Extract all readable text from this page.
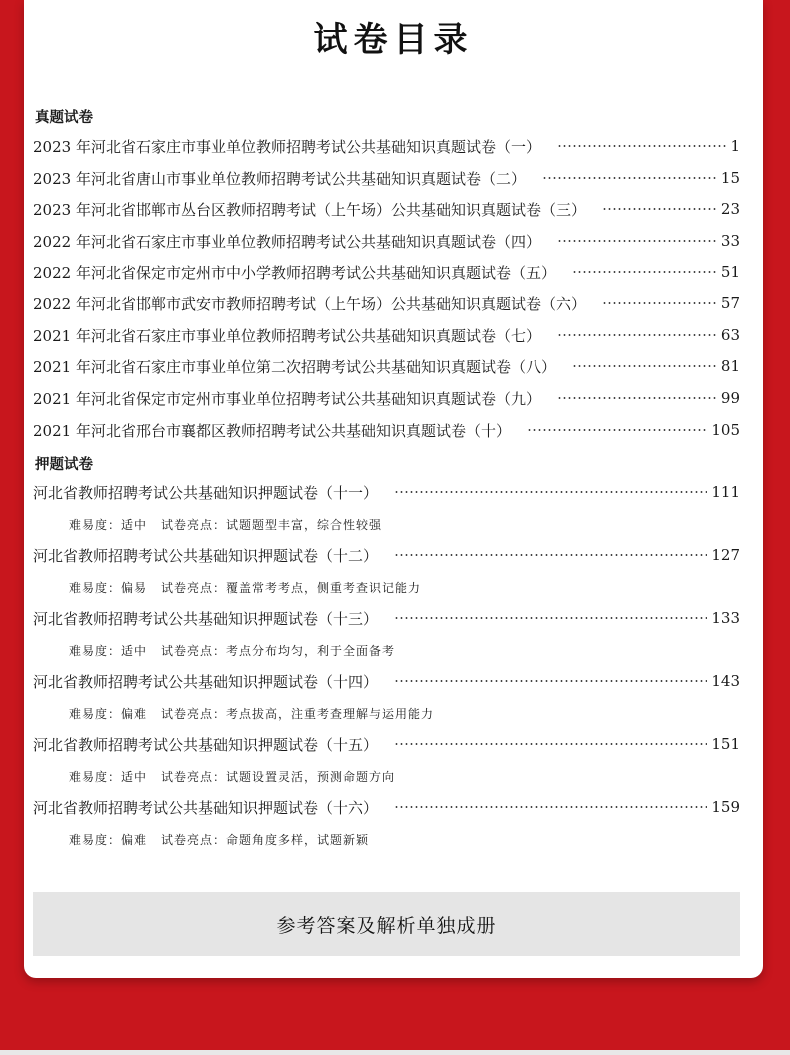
试卷目录
真题试卷
2023 年河北省石家庄市事业单位教师招聘考试公共基础知识真题试卷（一）	1
2023 年河北省唐山市事业单位教师招聘考试公共基础知识真题试卷（二）	15
2023 年河北省邯郸市丛台区教师招聘考试（上午场）公共基础知识真题试卷（三）	23
2022 年河北省石家庄市事业单位教师招聘考试公共基础知识真题试卷（四）	33
2022 年河北省保定市定州市中小学教师招聘考试公共基础知识真题试卷（五）	51
2022 年河北省邯郸市武安市教师招聘考试（上午场）公共基础知识真题试卷（六）	57
2021 年河北省石家庄市事业单位教师招聘考试公共基础知识真题试卷（七）	63
2021 年河北省石家庄市事业单位第二次招聘考试公共基础知识真题试卷（八）	81
2021 年河北省保定市定州市事业单位招聘考试公共基础知识真题试卷（九）	99
2021 年河北省邢台市襄都区教师招聘考试公共基础知识真题试卷（十）	105
押题试卷
河北省教师招聘考试公共基础知识押题试卷（十一）	111
难易度：适中 试卷亮点：试题题型丰富，综合性较强
河北省教师招聘考试公共基础知识押题试卷（十二）	127
难易度：偏易 试卷亮点：覆盖常考考点，侧重考查识记能力
河北省教师招聘考试公共基础知识押题试卷（十三）	133
难易度：适中 试卷亮点：考点分布均匀，利于全面备考
河北省教师招聘考试公共基础知识押题试卷（十四）	143
难易度：偏难 试卷亮点：考点拔高，注重考查理解与运用能力
河北省教师招聘考试公共基础知识押题试卷（十五）	151
难易度：适中 试卷亮点：试题设置灵活，预测命题方向
河北省教师招聘考试公共基础知识押题试卷（十六）	159
难易度：偏难 试卷亮点：命题角度多样，试题新颖
参考答案及解析单独成册
